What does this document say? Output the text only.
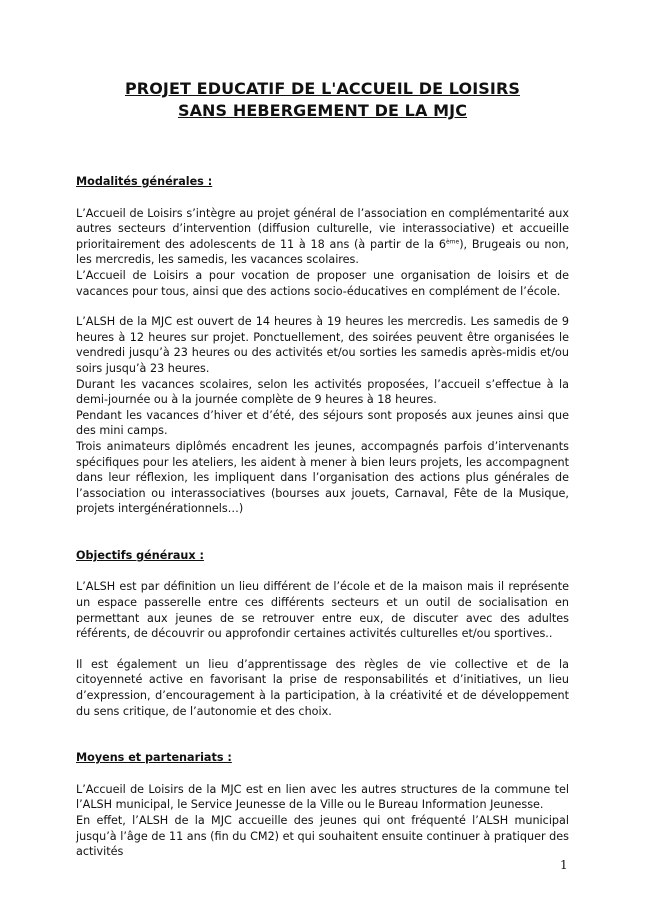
PROJET EDUCATIF DE L'ACCUEIL DE LOISIRS
SANS HEBERGEMENT DE LA MJC
Modalités générales :

L’Accueil de Loisirs s’intègre au projet général de l’association en complémentarité aux autres secteurs d’intervention (diffusion culturelle, vie interassociative) et accueille prioritairement des adolescents de 11 à 18 ans (à partir de la 6ème), Brugeais ou non, les mercredis, les samedis, les vacances scolaires.

L’Accueil de Loisirs a pour vocation de proposer une organisation de loisirs et de vacances pour tous, ainsi que des actions socio-éducatives en complément de l’école.

L’ALSH de la MJC est ouvert de 14 heures à 19 heures les mercredis. Les samedis de 9 heures à 12 heures sur projet. Ponctuellement, des soirées peuvent être organisées le vendredi jusqu’à 23 heures ou des activités et/ou sorties les samedis après-midis et/ou soirs jusqu’à 23 heures.

Durant les vacances scolaires, selon les activités proposées, l’accueil s’effectue à la demi-journée ou à la journée complète de 9 heures à 18 heures.

Pendant les vacances d’hiver et d’été, des séjours sont proposés aux jeunes ainsi que des mini camps.

Trois animateurs diplômés encadrent les jeunes, accompagnés parfois d’intervenants spécifiques pour les ateliers, les aident à mener à bien leurs projets, les accompagnent dans leur réflexion, les impliquent dans l’organisation des actions plus générales de l’association ou interassociatives (bourses aux jouets, Carnaval, Fête de la Musique, projets intergénérationnels…)

Objectifs généraux :

L’ALSH est par définition un lieu différent de l’école et de la maison mais il représente un espace passerelle entre ces différents secteurs et un outil de socialisation en permettant aux jeunes de se retrouver entre eux, de discuter avec des adultes référents, de découvrir ou approfondir certaines activités culturelles et/ou sportives..

Il est également un lieu d’apprentissage des règles de vie collective et de la citoyenneté active en favorisant la prise de responsabilités et d’initiatives, un lieu d’expression, d’encouragement à la participation, à la créativité et de développement du sens critique, de l’autonomie et des choix.

Moyens et partenariats :

L’Accueil de Loisirs de la MJC est en lien avec les autres structures de la commune tel l’ALSH municipal, le Service Jeunesse de la Ville ou le Bureau Information Jeunesse.

En effet, l’ALSH de la MJC accueille des jeunes qui ont fréquenté l’ALSH municipal jusqu’à l’âge de 11 ans (fin du CM2) et qui souhaitent ensuite continuer à pratiquer des activités

1
